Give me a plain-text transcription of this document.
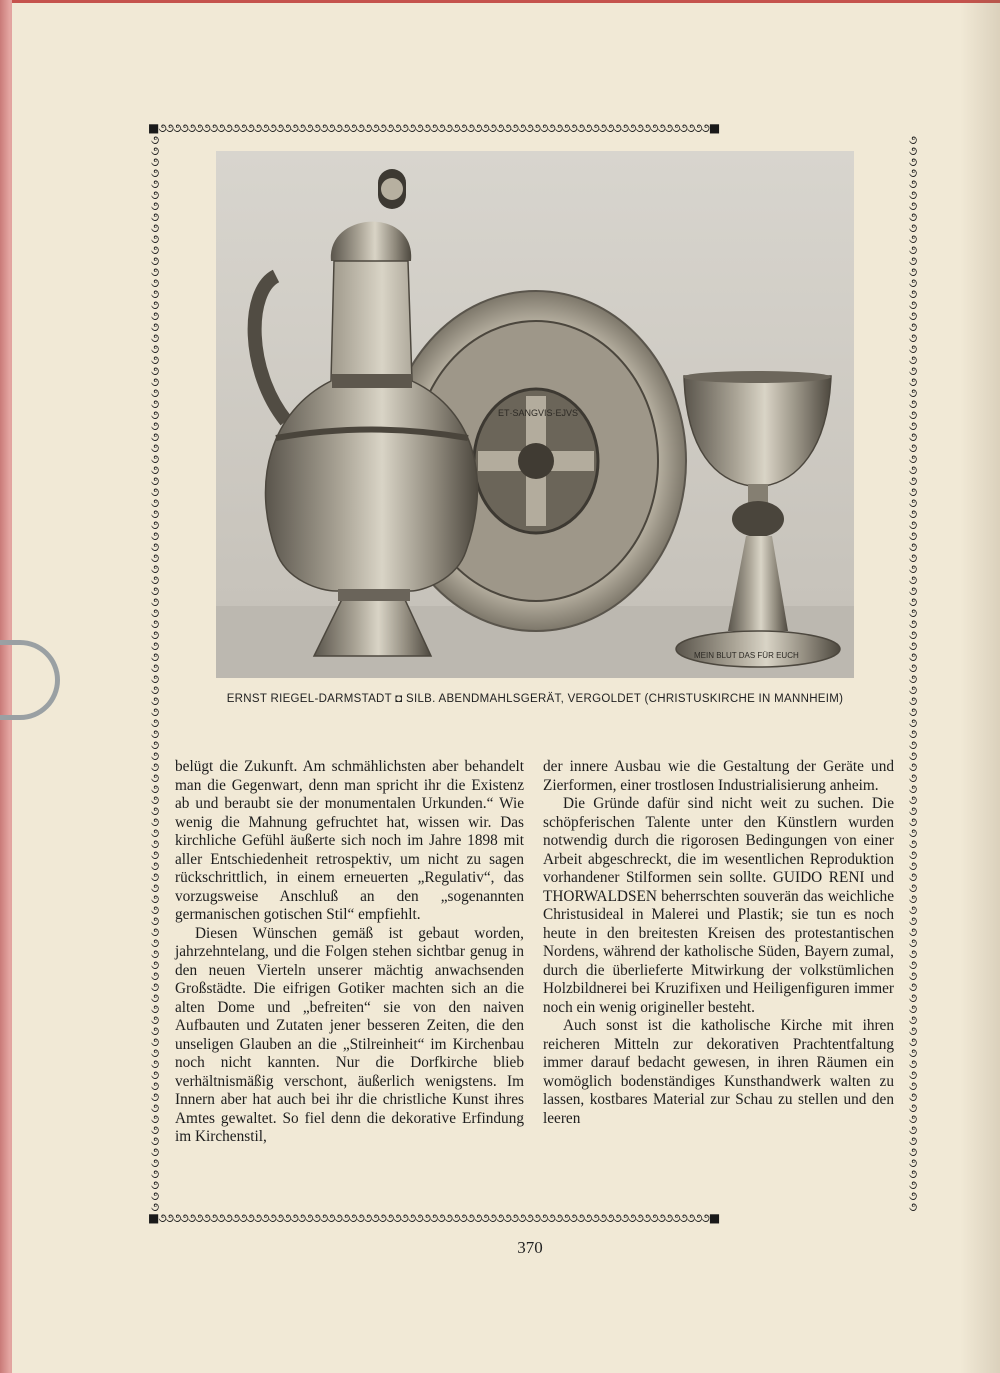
■૭૭૭૭૭૭૭૭૭૭૭૭૭૭૭૭૭૭૭૭૭૭૭૭૭૭૭૭૭૭૭૭૭૭૭૭૭૭૭૭૭૭૭૭૭૭૭૭૭૭૭૭૭૭૭૭૭૭૭૭૭૭૭૭૭૭૭૭૭૭૭૭૭૭૭■
૭
૭
૭
૭
૭
૭
૭
૭
૭
૭
૭
૭
૭
૭
૭
૭
૭
૭
૭
૭
૭
૭
૭
૭
૭
૭
૭
૭
૭
૭
૭
૭
૭
૭
૭
૭
૭
૭
૭
૭
૭
૭
૭
૭
૭
૭
૭
૭
૭
૭
૭
૭
૭
૭
૭
૭
૭
૭
૭
૭
૭
૭
૭
૭
૭
૭
૭
૭
૭
૭
૭
૭
૭
૭
૭
૭
૭
૭
૭
૭
૭
૭
૭
૭
૭
૭
૭
૭
૭
૭
૭
૭
૭
૭
૭
૭
૭
૭

૭
૭
૭
૭
૭
૭
૭
૭
૭
૭
૭
૭
૭
૭
૭
૭
૭
૭
૭
૭
૭
૭
૭
૭
૭
૭
૭
૭
૭
૭
૭
૭
૭
૭
૭
૭
૭
૭
૭
૭
૭
૭
૭
૭
૭
૭
૭
૭
૭
૭
૭
૭
૭
૭
૭
૭
૭
૭
૭
૭
૭
૭
૭
૭
૭
૭
૭
૭
૭
૭
૭
૭
૭
૭
૭
૭
૭
૭
૭
૭
૭
૭
૭
૭
૭
૭
૭
૭
૭
૭
૭
૭
૭
૭
૭
૭
૭
૭

■૭૭૭૭૭૭૭૭૭૭૭૭૭૭૭૭૭૭૭૭૭૭૭૭૭૭૭૭૭૭૭૭૭૭૭૭૭૭૭૭૭૭૭૭૭૭૭૭૭૭૭૭૭૭૭૭૭૭૭૭૭૭૭૭૭૭૭૭૭૭૭૭૭૭૭■
MEIN BLUT DAS FÜR EUCH
ET·SANGVIS·EJVS
ERNST RIEGEL-DARMSTADT ◘ SILB. ABENDMAHLSGERÄT, VERGOLDET (CHRISTUSKIRCHE IN MANNHEIM)

belügt die Zukunft. Am schmählichsten aber behandelt man die Gegenwart, denn man spricht ihr die Existenz ab und beraubt sie der monumentalen Urkunden.“ Wie wenig die Mahnung gefruchtet hat, wissen wir. Das kirchliche Gefühl äußerte sich noch im Jahre 1898 mit aller Entschiedenheit retrospektiv, um nicht zu sagen rückschrittlich, in einem erneuerten „Regulativ“, das vorzugsweise Anschluß an den „sogenannten germanischen gotischen Stil“ empfiehlt.

Diesen Wünschen gemäß ist gebaut worden, jahrzehntelang, und die Folgen stehen sichtbar genug in den neuen Vierteln unserer mächtig anwachsenden Großstädte. Die eifrigen Gotiker machten sich an die alten Dome und „befreiten“ sie von den naiven Aufbauten und Zutaten jener besseren Zeiten, die den unseligen Glauben an die „Stilreinheit“ im Kirchenbau noch nicht kannten. Nur die Dorfkirche blieb verhältnismäßig verschont, äußerlich wenigstens. Im Innern aber hat auch bei ihr die christliche Kunst ihres Amtes gewaltet. So fiel denn die dekorative Erfindung im Kirchenstil,

der innere Ausbau wie die Gestaltung der Geräte und Zierformen, einer trostlosen Industrialisierung anheim.

Die Gründe dafür sind nicht weit zu suchen. Die schöpferischen Talente unter den Künstlern wurden notwendig durch die rigorosen Bedingungen von einer Arbeit abgeschreckt, die im wesentlichen Reproduktion vorhandener Stilformen sein sollte. GUIDO RENI und THORWALDSEN beherrschten souverän das weichliche Christusideal in Malerei und Plastik; sie tun es noch heute in den breitesten Kreisen des protestantischen Nordens, während der katholische Süden, Bayern zumal, durch die überlieferte Mitwirkung der volkstümlichen Holzbildnerei bei Kruzifixen und Heiligenfiguren immer noch ein wenig origineller besteht.

Auch sonst ist die katholische Kirche mit ihren reicheren Mitteln zur dekorativen Prachtentfaltung immer darauf bedacht gewesen, in ihren Räumen ein womöglich bodenständiges Kunsthandwerk walten zu lassen, kostbares Material zur Schau zu stellen und den leeren

370
